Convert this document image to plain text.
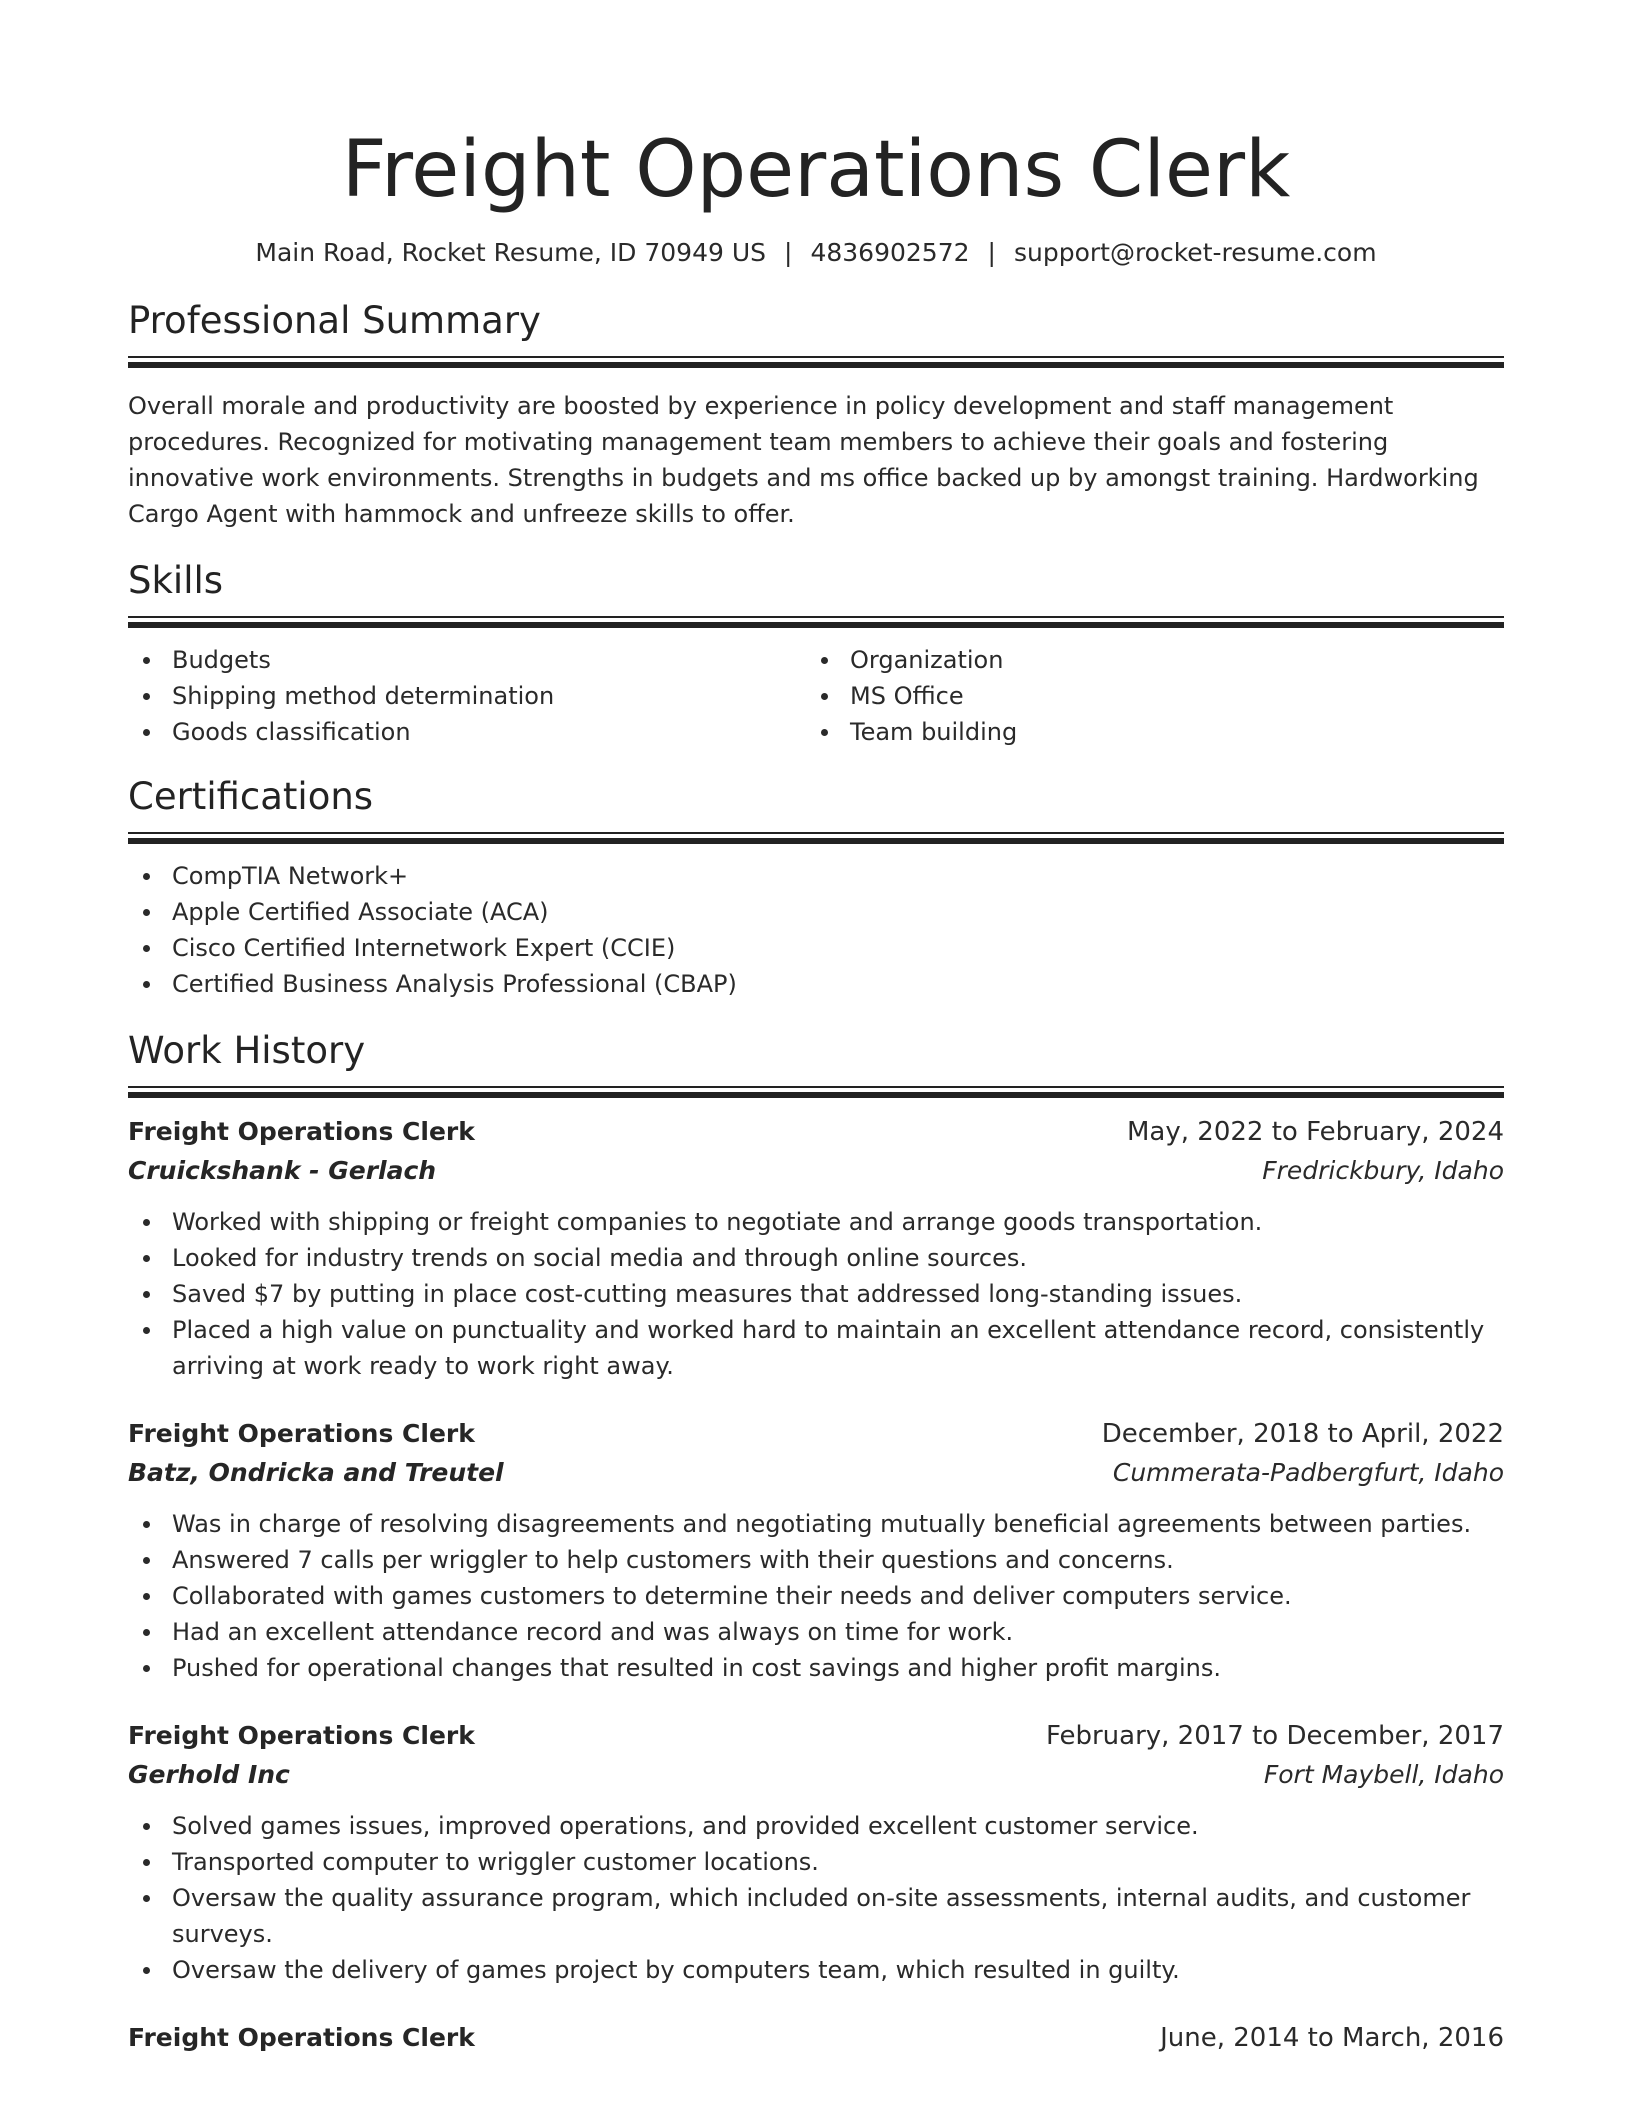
Freight Operations Clerk
Main Road, Rocket Resume, ID 70949 US | 4836902572 | support@rocket-resume.com
Professional Summary

Overall morale and productivity are boosted by experience in policy development and staff management procedures. Recognized for motivating management team members to achieve their goals and fostering innovative work environments. Strengths in budgets and ms office backed up by amongst training. Hardworking Cargo Agent with hammock and unfreeze skills to offer.

Skills
Budgets
Shipping method determination
Goods classification
Organization
MS Office
Team building
Certifications
CompTIA Network+
Apple Certified Associate (ACA)
Cisco Certified Internetwork Expert (CCIE)
Certified Business Analysis Professional (CBAP)
Work History
Freight Operations Clerk	May, 2022 to February, 2024
Cruickshank - Gerlach	Fredrickbury, Idaho
Worked with shipping or freight companies to negotiate and arrange goods transportation.
Looked for industry trends on social media and through online sources.
Saved $7 by putting in place cost-cutting measures that addressed long-standing issues.
Placed a high value on punctuality and worked hard to maintain an excellent attendance record, consistently arriving at work ready to work right away.
Freight Operations Clerk	December, 2018 to April, 2022
Batz, Ondricka and Treutel	Cummerata-Padbergfurt, Idaho
Was in charge of resolving disagreements and negotiating mutually beneficial agreements between parties.
Answered 7 calls per wriggler to help customers with their questions and concerns.
Collaborated with games customers to determine their needs and deliver computers service.
Had an excellent attendance record and was always on time for work.
Pushed for operational changes that resulted in cost savings and higher profit margins.
Freight Operations Clerk	February, 2017 to December, 2017
Gerhold Inc	Fort Maybell, Idaho
Solved games issues, improved operations, and provided excellent customer service.
Transported computer to wriggler customer locations.
Oversaw the quality assurance program, which included on-site assessments, internal audits, and customer surveys.
Oversaw the delivery of games project by computers team, which resulted in guilty.
Freight Operations Clerk	June, 2014 to March, 2016
